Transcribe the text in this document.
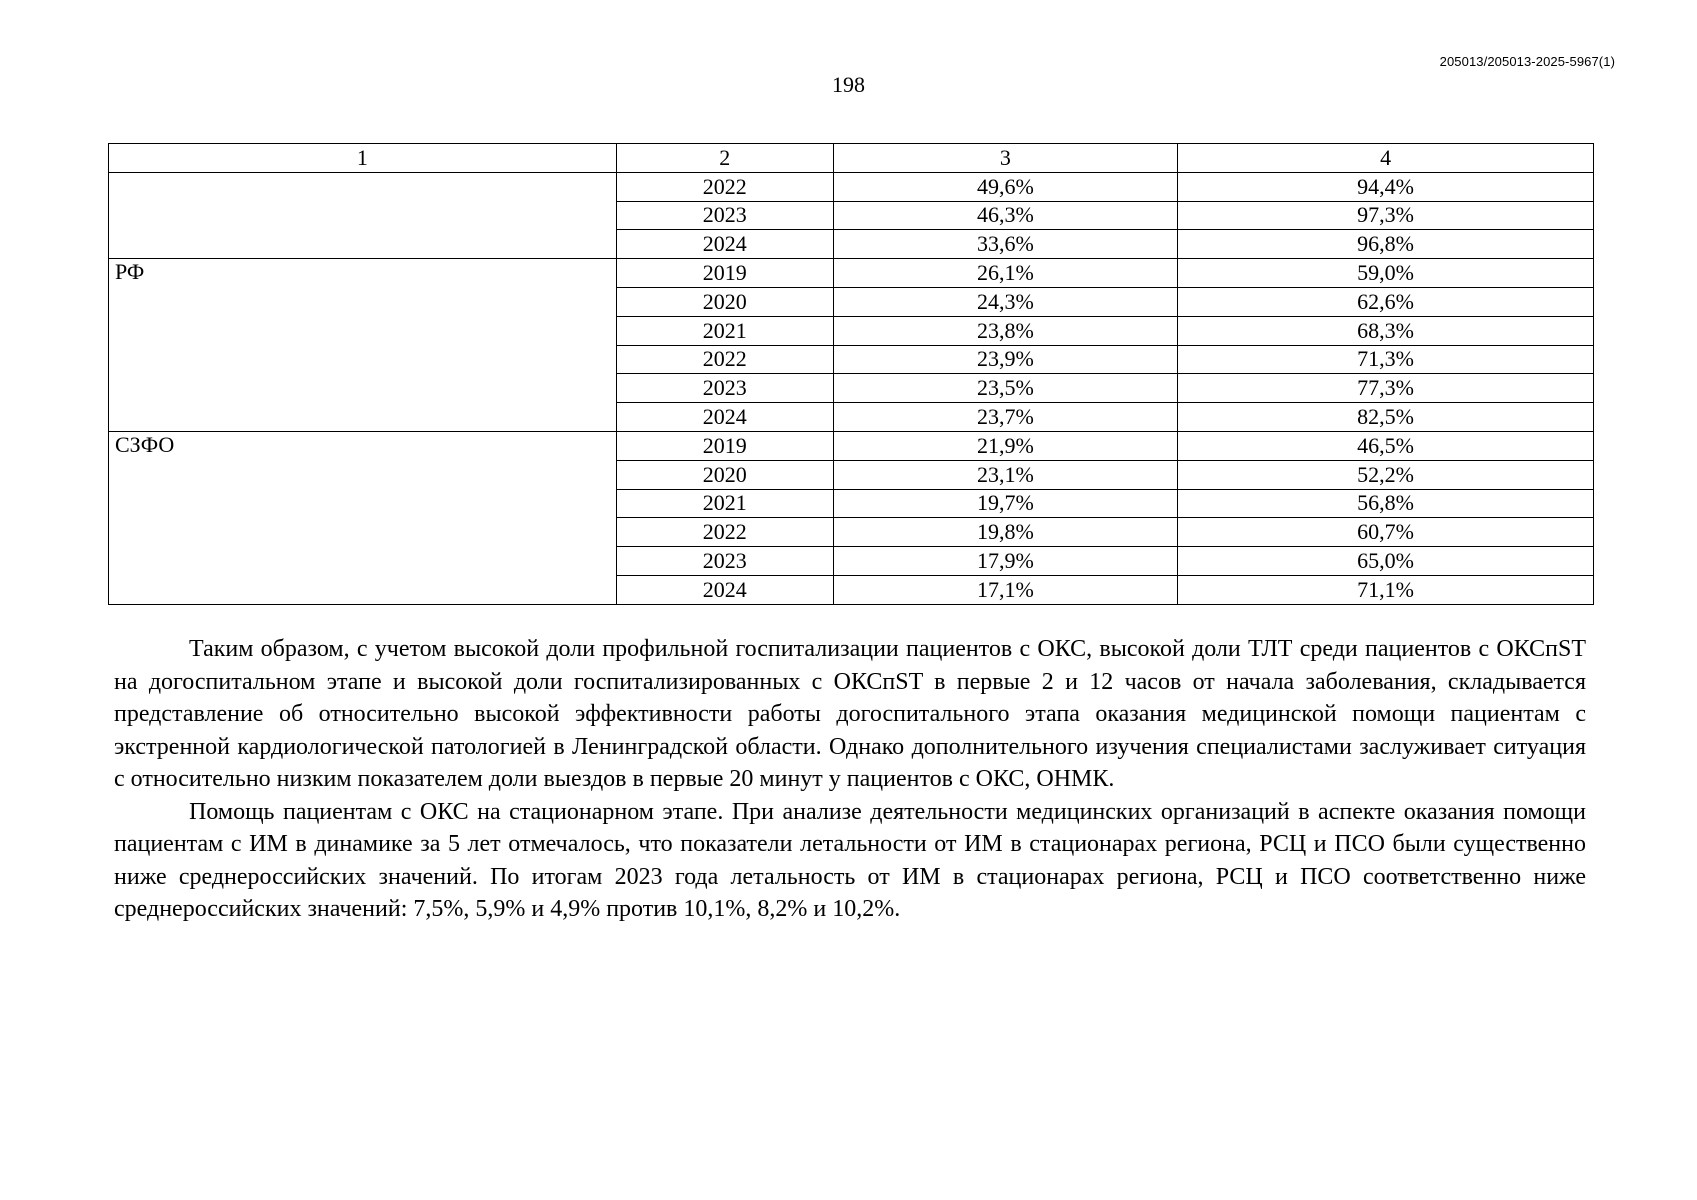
205013/205013-2025-5967(1)
198
1	2	3	4
	2022	49,6%	94,4%
	2023	46,3%	97,3%
	2024	33,6%	96,8%
РФ	2019	26,1%	59,0%
	2020	24,3%	62,6%
	2021	23,8%	68,3%
	2022	23,9%	71,3%
	2023	23,5%	77,3%
	2024	23,7%	82,5%
СЗФО	2019	21,9%	46,5%
	2020	23,1%	52,2%
	2021	19,7%	56,8%
	2022	19,8%	60,7%
	2023	17,9%	65,0%
	2024	17,1%	71,1%

Таким образом, с учетом высокой доли профильной госпитализации пациентов с ОКС, высокой доли ТЛТ среди пациентов с ОКСпST на догоспитальном этапе и высокой доли госпитализированных с ОКСпST в первые 2 и 12 часов от начала заболевания, складывается представление об относительно высокой эффективности работы догоспитального этапа оказания медицинской помощи пациентам с экстренной кардиологической патологией в Ленинградской области. Однако дополнительного изучения специалистами заслуживает ситуация с относительно низким показателем доли выездов в первые 20 минут у пациентов с ОКС, ОНМК.

Помощь пациентам с ОКС на стационарном этапе. При анализе деятельности медицинских организаций в аспекте оказания помощи пациентам с ИМ в динамике за 5 лет отмечалось, что показатели летальности от ИМ в стационарах региона, РСЦ и ПСО были существенно ниже среднероссийских значений. По итогам 2023 года летальность от ИМ в стационарах региона, РСЦ и ПСО соответственно ниже среднероссийских значений: 7,5%, 5,9% и 4,9% против 10,1%, 8,2% и 10,2%.
